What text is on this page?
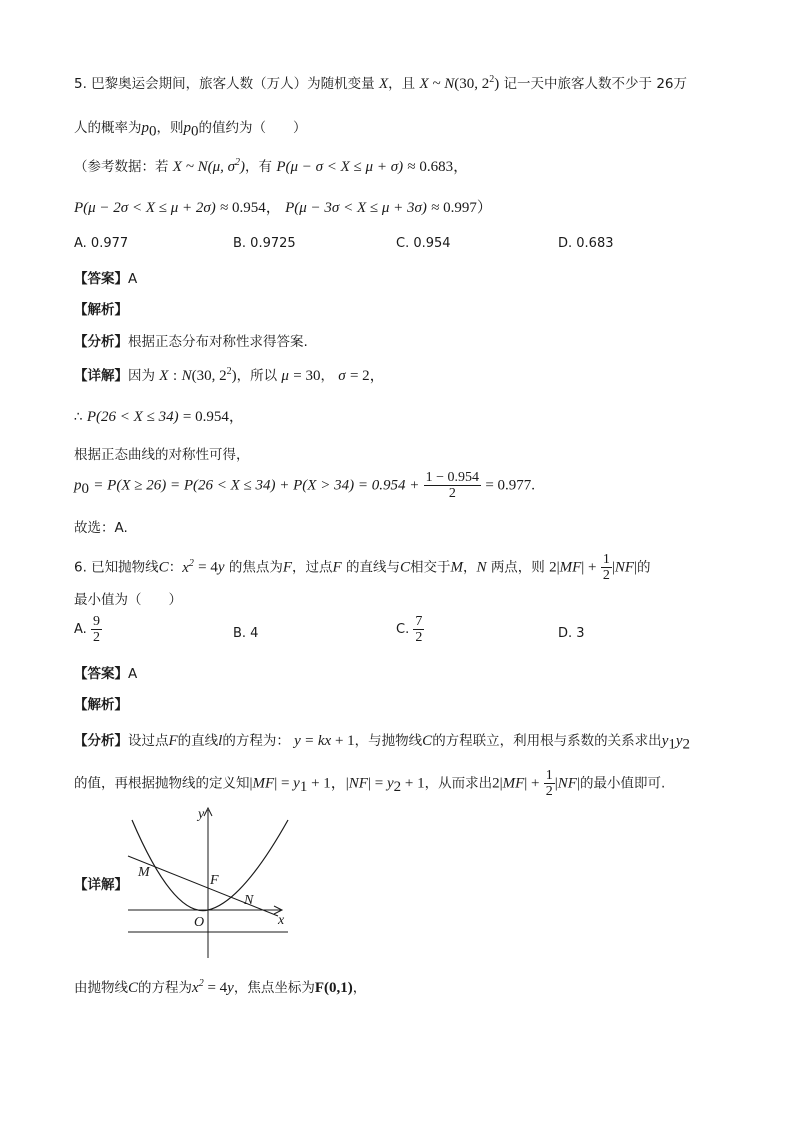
5. 巴黎奥运会期间，旅客人数（万人）为随机变量 X，且 X ~ N(30, $2^2$) 记一天中旅客人数不少于 26万
人的概率为$p_0$，则$p_0$的值约为（　　）
（参考数据：若 X ~ N(μ, $\sigma^2$)，有 P(μ − σ < X ≤ μ + σ) ≈ 0.683，
P(μ − 2σ < X ≤ μ + 2σ) ≈ 0.954， P(μ − 3σ < X ≤ μ + 3σ) ≈ 0.997）
A. 0.977	B. 0.9725	C. 0.954	D. 0.683
【答案】A
【解析】
【分析】根据正态分布对称性求得答案.
【详解】因为 X : N(30, $2^2$)，所以 μ = 30， σ = 2，
∴ P(26 < X ≤ 34) = 0.954，
根据正态曲线的对称性可得，
$p_0 = P(X \ge 26) = P(26 < X \le 34) + P(X > 34) = 0.954 + \frac{1 - 0.954}{2} = 0.977$.
故选：A.
6. 已知抛物线C：$x^2 = 4y$ 的焦点为F，过点F 的直线与C相交于M，N 两点，则 $2|MF| + \frac{1}{2} |NF|$的
最小值为（　　）
A. $\frac{9}{2}$	B. 4	C. $\frac{7}{2}$	D. 3
【答案】A
【解析】
【分析】设过点F的直线l的方程为： y = kx + 1，与抛物线C的方程联立，利用根与系数的关系求出$y_1y_2$
的值，再根据抛物线的定义知$|MF| = y_1 + 1$，$|NF| = y_2 + 1$，从而求出$2|MF| + \frac{1}{2} |NF|$的最小值即可.
【详解】
y
x
M
F
N
O
由抛物线C的方程为$x^2 = 4y$，焦点坐标为F(0,1)，
